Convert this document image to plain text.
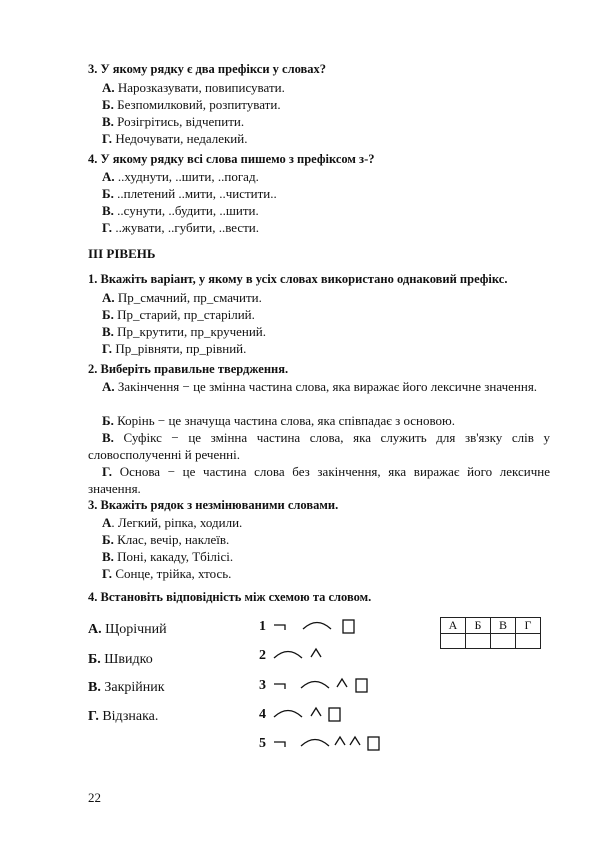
3. У якому рядку є два префікси у словах?
А. Нарозказувати, повиписувати.
Б. Безпомилковий, розпитувати.
В. Розігрітись, відчепити.
Г. Недочувати, недалекий.
4. У якому рядку всі слова пишемо з префіксом з-?
А. ..худнути, ..шити, ..погад.
Б. ..плетений ..мити, ..чистити..
В. ..сунути, ..будити, ..шити.
Г. ..жувати, ..губити, ..вести.
ІІІ РІВЕНЬ
1. Вкажіть варіант, у якому в усіх словах використано однаковий префікс.
А. Пр_смачний, пр_смачити.
Б. Пр_старий, пр_старілий.
В. Пр_крутити, пр_кручений.
Г. Пр_рівняти, пр_рівний.
2. Виберіть правильне твердження.
А. Закінчення − це змінна частина слова, яка виражає його лексичне значення.
Б. Корінь − це значуща частина слова, яка співпадає з основою.
В. Суфікс − це змінна частина слова, яка служить для зв'язку слів у словосполученні й реченні.
Г. Основа − це частина слова без закінчення, яка виражає його лексичне значення.
3. Вкажіть рядок з незмінюваними словами.
А. Легкий, ріпка, ходили.
Б. Клас, вечір, наклеїв.
В. Поні, какаду, Тбілісі.
Г. Сонце, трійка, хтось.
4. Встановіть відповідність між схемою та словом.
А. Щорічний
Б. Швидко
В. Закрійник
Г. Відзнака.
1
2
3
4
5
А	Б	В	Г

22
